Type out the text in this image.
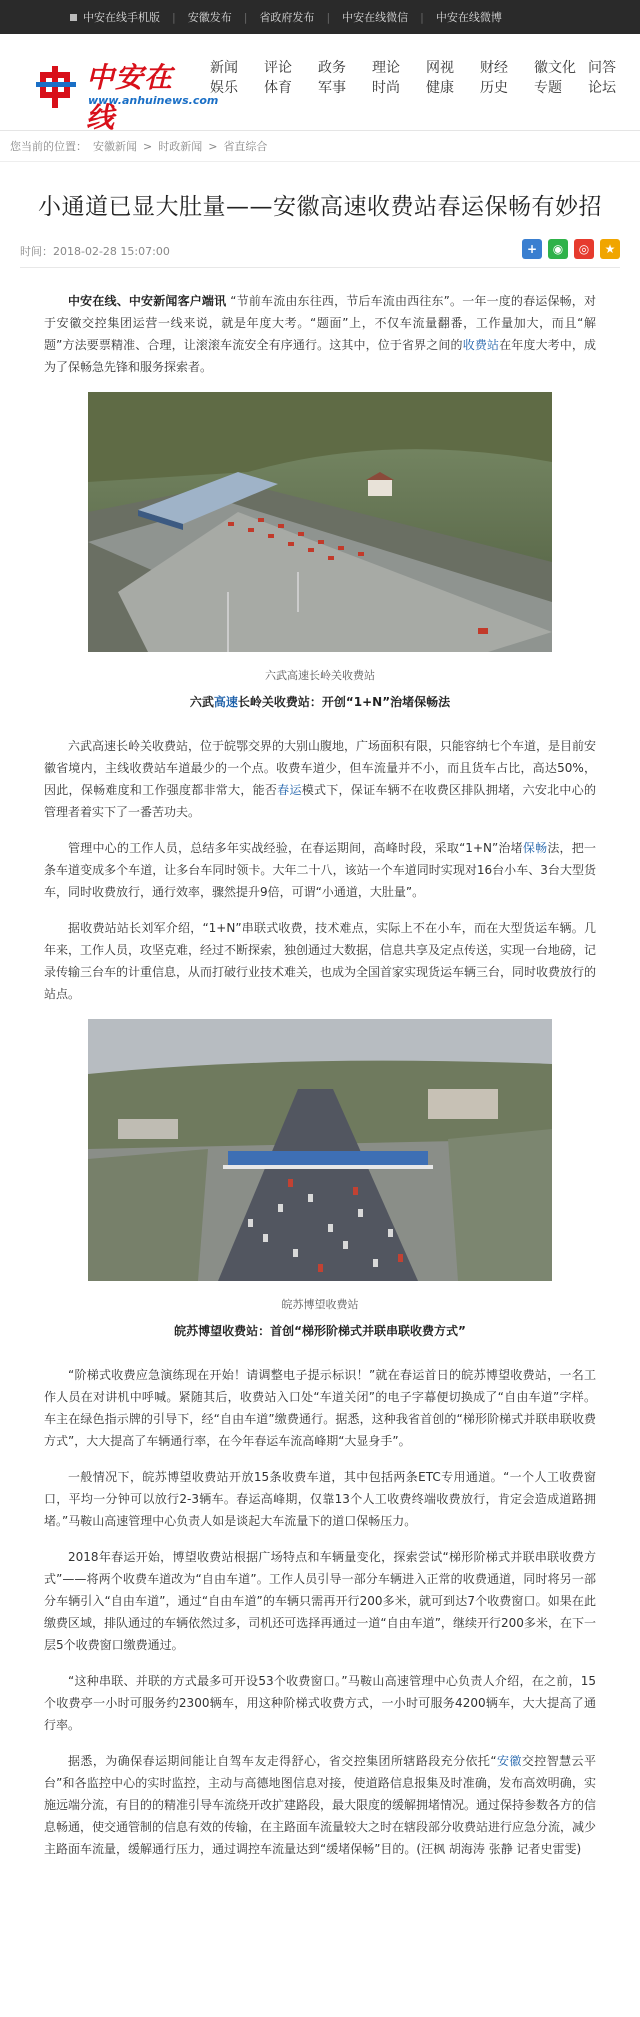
中安在线手机版 | 安徽发布 | 省政府发布 | 中安在线微信 | 中安在线微博
中安在线
www.anhuinews.com
新闻
娱乐
评论
体育
政务
军事
理论
时尚
网视
健康
财经
历史
徽文化
专题
问答
论坛
您当前的位置： 安徽新闻 > 时政新闻 > 省直综合
小通道已显大肚量——安徽高速收费站春运保畅有妙招
时间：2018-02-28 15:07:00	+	◉	◎	★

中安在线、中安新闻客户端讯 “节前车流由东往西，节后车流由西往东”。一年一度的春运保畅，对于安徽交控集团运营一线来说，就是年度大考。“题面”上，不仅车流量翻番，工作量加大，而且“解题”方法要票精准、合理，让滚滚车流安全有序通行。这其中，位于省界之间的收费站在年度大考中，成为了保畅急先锋和服务探索者。

六武高速长岭关收费站
六武高速长岭关收费站：开创“1+N”治堵保畅法

六武高速长岭关收费站，位于皖鄂交界的大别山腹地，广场面积有限，只能容纳七个车道，是目前安徽省境内，主线收费站车道最少的一个点。收费车道少，但车流量并不小，而且货车占比，高达50%，因此，保畅难度和工作强度都非常大，能否春运模式下，保证车辆不在收费区排队拥堵，六安北中心的管理者着实下了一番苦功夫。

管理中心的工作人员，总结多年实战经验，在春运期间，高峰时段，采取“1+N”治堵保畅法，把一条车道变成多个车道，让多台车同时领卡。大年二十八，该站一个车道同时实现对16台小车、3台大型货车，同时收费放行，通行效率，骤然提升9倍，可谓“小通道，大肚量”。

据收费站站长刘军介绍，“1+N”串联式收费，技术难点，实际上不在小车，而在大型货运车辆。几年来，工作人员，攻坚克难，经过不断探索，独创通过大数据，信息共享及定点传送，实现一台地磅，记录传输三台车的计重信息，从而打破行业技术难关，也成为全国首家实现货运车辆三台，同时收费放行的站点。

皖苏博望收费站
皖苏博望收费站：首创“梯形阶梯式并联串联收费方式”

“阶梯式收费应急演练现在开始！请调整电子提示标识！”就在春运首日的皖苏博望收费站，一名工作人员在对讲机中呼喊。紧随其后，收费站入口处“车道关闭”的电子字幕便切换成了“自由车道”字样。车主在绿色指示牌的引导下，经“自由车道”缴费通行。据悉，这种我省首创的“梯形阶梯式并联串联收费方式”，大大提高了车辆通行率，在今年春运车流高峰期“大显身手”。

一般情况下，皖苏博望收费站开放15条收费车道，其中包括两条ETC专用通道。“一个人工收费窗口，平均一分钟可以放行2-3辆车。春运高峰期，仅靠13个人工收费终端收费放行，肯定会造成道路拥堵。”马鞍山高速管理中心负责人如是谈起大车流量下的道口保畅压力。

2018年春运开始，博望收费站根据广场特点和车辆量变化，探索尝试“梯形阶梯式并联串联收费方式”——将两个收费车道改为“自由车道”。工作人员引导一部分车辆进入正常的收费通道，同时将另一部分车辆引入“自由车道”，通过“自由车道”的车辆只需再开行200多米，就可到达7个收费窗口。如果在此缴费区域，排队通过的车辆依然过多，司机还可选择再通过一道“自由车道”，继续开行200多米，在下一层5个收费窗口缴费通过。

“这种串联、并联的方式最多可开设53个收费窗口。”马鞍山高速管理中心负责人介绍，在之前，15个收费亭一小时可服务约2300辆车，用这种阶梯式收费方式，一小时可服务4200辆车，大大提高了通行率。

据悉，为确保春运期间能让自驾车友走得舒心，省交控集团所辖路段充分依托“安徽交控智慧云平台”和各监控中心的实时监控，主动与高德地图信息对接，使道路信息报集及时准确，发布高效明确，实施远端分流，有目的的精准引导车流绕开改扩建路段，最大限度的缓解拥堵情况。通过保持参数各方的信息畅通，使交通管制的信息有效的传输，在主路面车流量较大之时在辖段部分收费站进行应急分流，减少主路面车流量，缓解通行压力，通过调控车流量达到“缓堵保畅”目的。(汪枫 胡海涛 张静 记者史雷雯)
